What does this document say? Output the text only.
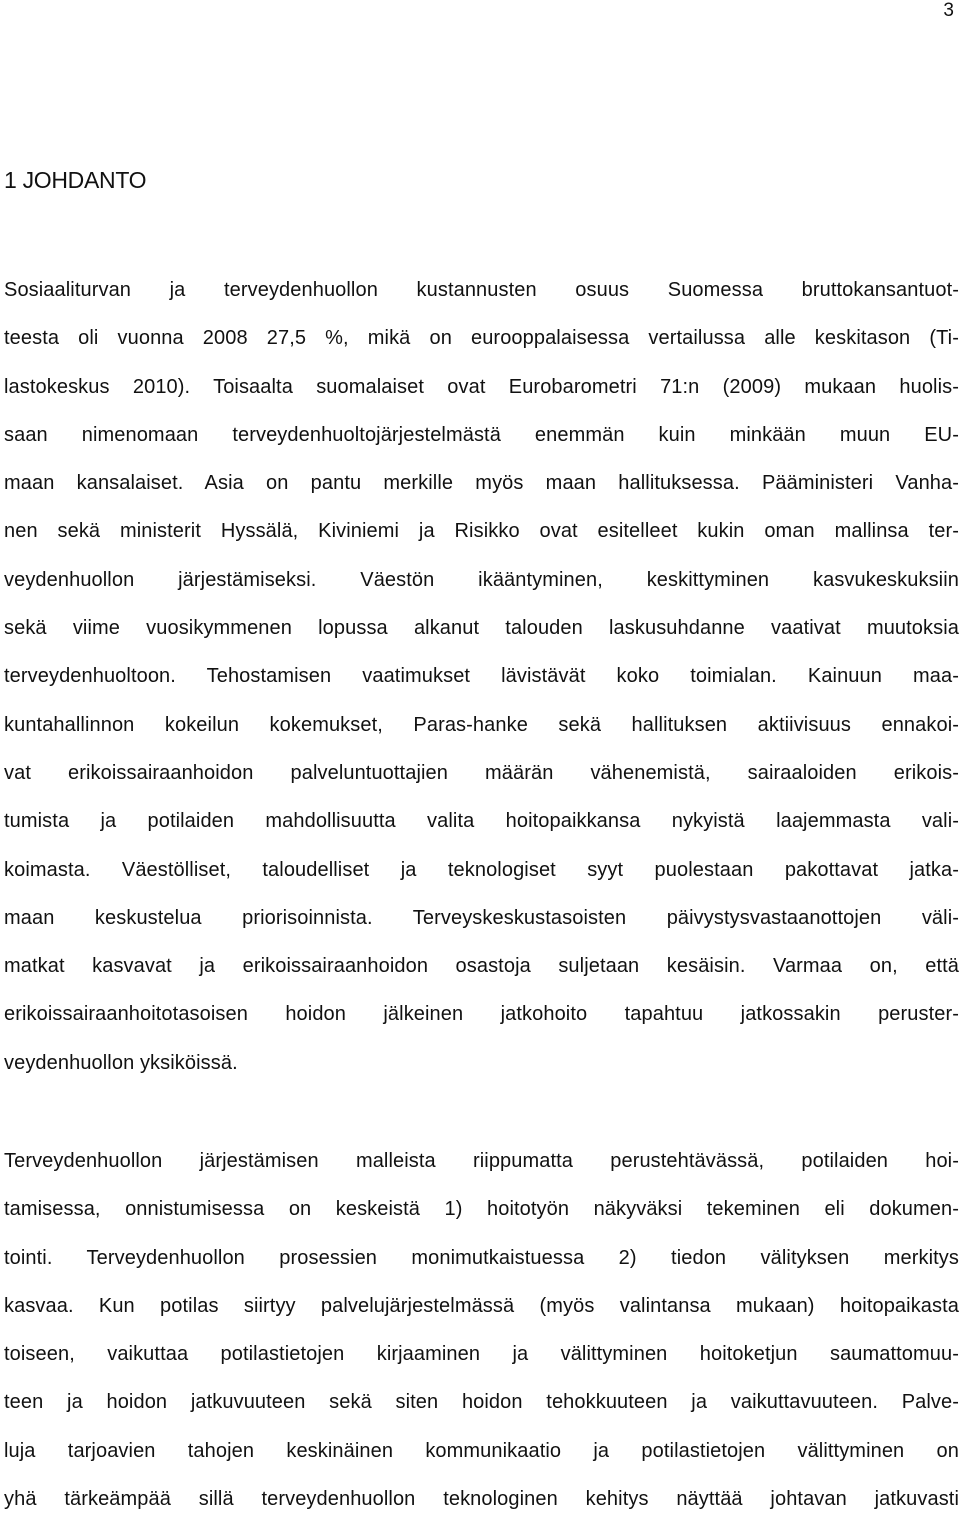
3
1 JOHDANTO
Sosiaaliturvan ja terveydenhuollon kustannusten osuus Suomessa bruttokansantuot-
teesta oli vuonna 2008 27,5 %, mikä on eurooppalaisessa vertailussa alle keskitason (Ti-
lastokeskus 2010). Toisaalta suomalaiset ovat Eurobarometri 71:n (2009) mukaan huolis-
saan nimenomaan terveydenhuoltojärjestelmästä enemmän kuin minkään muun EU-
maan kansalaiset. Asia on pantu merkille myös maan hallituksessa. Pääministeri Vanha-
nen sekä ministerit Hyssälä, Kiviniemi ja Risikko ovat esitelleet kukin oman mallinsa ter-
veydenhuollon järjestämiseksi. Väestön ikääntyminen, keskittyminen kasvukeskuksiin
sekä viime vuosikymmenen lopussa alkanut talouden laskusuhdanne vaativat muutoksia
terveydenhuoltoon. Tehostamisen vaatimukset lävistävät koko toimialan. Kainuun maa-
kuntahallinnon kokeilun kokemukset, Paras-hanke sekä hallituksen aktiivisuus ennakoi-
vat erikoissairaanhoidon palveluntuottajien määrän vähenemistä, sairaaloiden erikois-
tumista ja potilaiden mahdollisuutta valita hoitopaikkansa nykyistä laajemmasta vali-
koimasta. Väestölliset, taloudelliset ja teknologiset syyt puolestaan pakottavat jatka-
maan keskustelua priorisoinnista. Terveyskeskustasoisten päivystysvastaanottojen väli-
matkat kasvavat ja erikoissairaanhoidon osastoja suljetaan kesäisin. Varmaa on, että
erikoissairaanhoitotasoisen hoidon jälkeinen jatkohoito tapahtuu jatkossakin peruster-
veydenhuollon yksiköissä.
Terveydenhuollon järjestämisen malleista riippumatta perustehtävässä, potilaiden hoi-
tamisessa, onnistumisessa on keskeistä 1) hoitotyön näkyväksi tekeminen eli dokumen-
tointi. Terveydenhuollon prosessien monimutkaistuessa 2) tiedon välityksen merkitys
kasvaa. Kun potilas siirtyy palvelujärjestelmässä (myös valintansa mukaan) hoitopaikasta
toiseen, vaikuttaa potilastietojen kirjaaminen ja välittyminen hoitoketjun saumattomuu-
teen ja hoidon jatkuvuuteen sekä siten hoidon tehokkuuteen ja vaikuttavuuteen. Palve-
luja tarjoavien tahojen keskinäinen kommunikaatio ja potilastietojen välittyminen on
yhä tärkeämpää sillä terveydenhuollon teknologinen kehitys näyttää johtavan jatkuvasti
